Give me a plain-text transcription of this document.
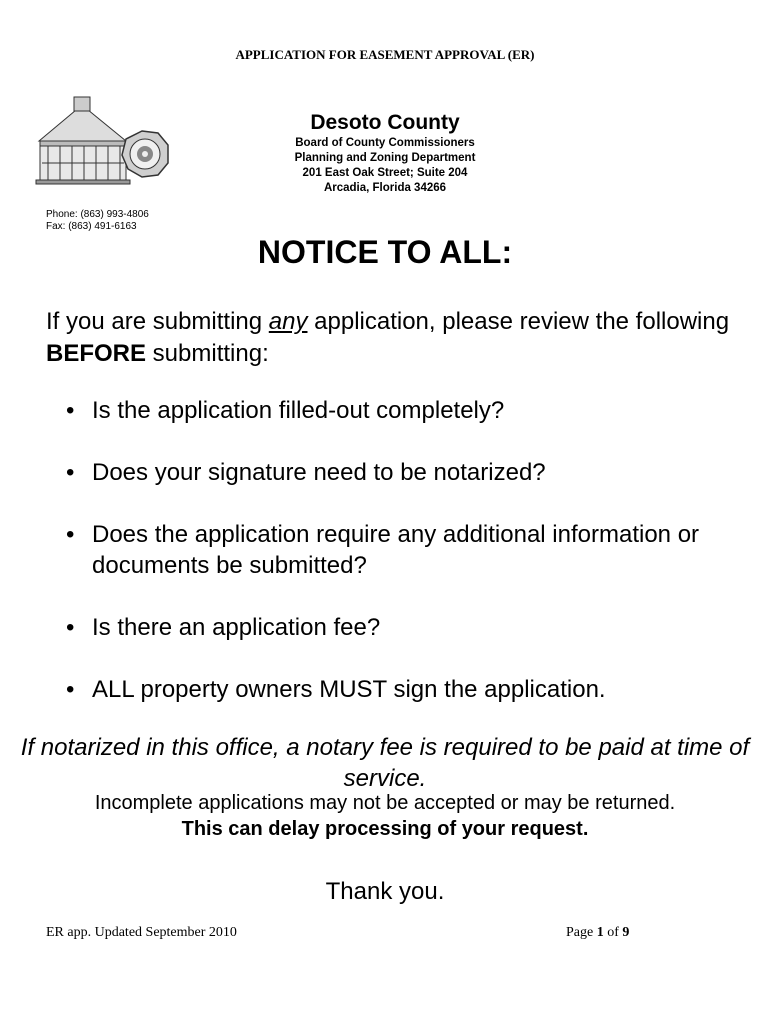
APPLICATION FOR EASEMENT APPROVAL (ER)
Desoto County
Board of County Commissioners
Planning and Zoning Department
201 East Oak Street; Suite 204
Arcadia, Florida 34266
Phone: (863) 993-4806
Fax: (863) 491-6163
NOTICE TO ALL:
If you are submitting any application, please review the following BEFORE submitting:
• Is the application filled-out completely?
• Does your signature need to be notarized?
• Does the application require any additional information or documents be submitted?
• Is there an application fee?
• ALL property owners MUST sign the application.
If notarized in this office, a notary fee is required to be paid at time of service.
Incomplete applications may not be accepted or may be returned.
This can delay processing of your request.
Thank you.
ER app. Updated September 2010	Page 1 of 9
